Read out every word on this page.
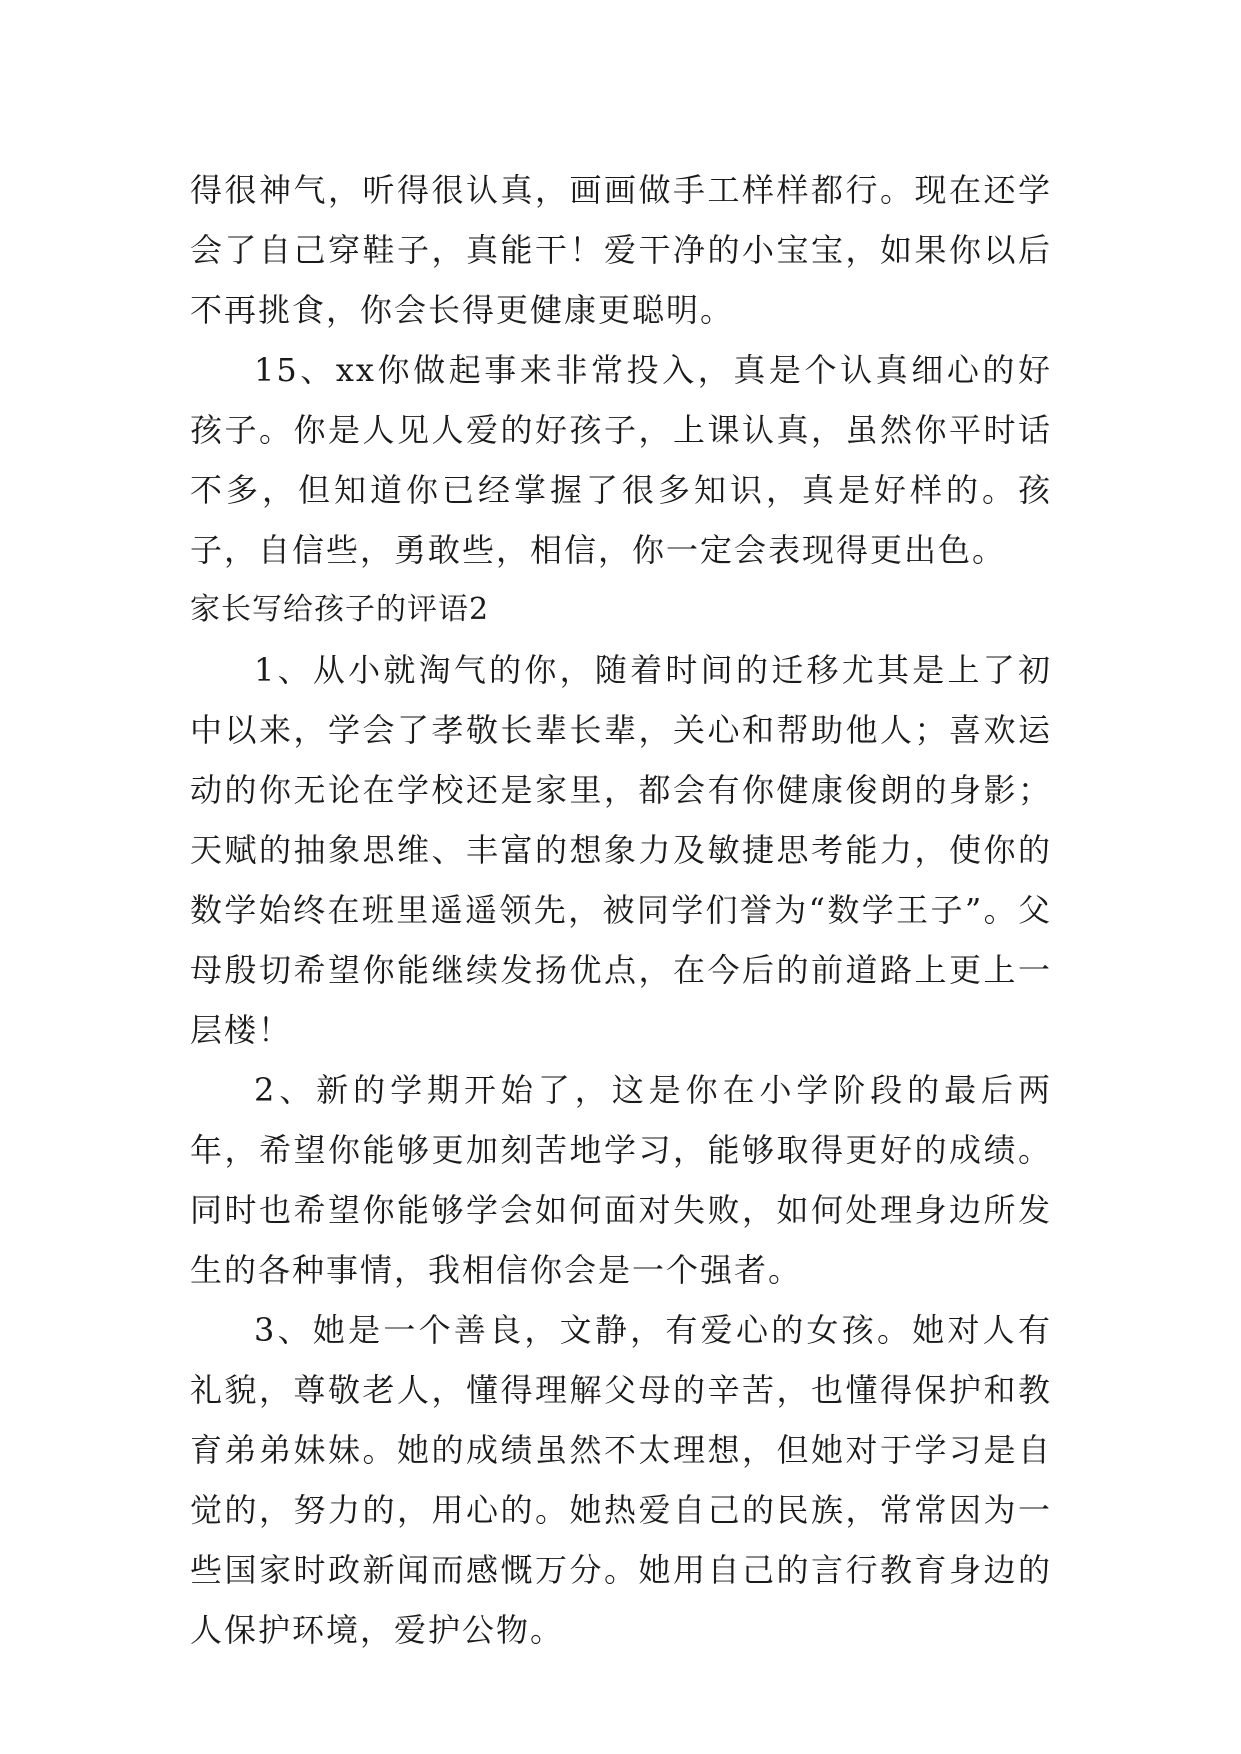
得很神气，听得很认真，画画做手工样样都行。现在还学会了自己穿鞋子，真能干！爱干净的小宝宝，如果你以后不再挑食，你会长得更健康更聪明。

15、xx你做起事来非常投入，真是个认真细心的好孩子。你是人见人爱的好孩子，上课认真，虽然你平时话不多，但知道你已经掌握了很多知识，真是好样的。孩子，自信些，勇敢些，相信，你一定会表现得更出色。

家长写给孩子的评语2

1、从小就淘气的你，随着时间的迁移尤其是上了初中以来，学会了孝敬长辈长辈，关心和帮助他人；喜欢运动的你无论在学校还是家里，都会有你健康俊朗的身影；天赋的抽象思维、丰富的想象力及敏捷思考能力，使你的数学始终在班里遥遥领先，被同学们誉为“数学王子”。父母殷切希望你能继续发扬优点，在今后的前道路上更上一层楼！

2、新的学期开始了，这是你在小学阶段的最后两年，希望你能够更加刻苦地学习，能够取得更好的成绩。同时也希望你能够学会如何面对失败，如何处理身边所发生的各种事情，我相信你会是一个强者。

3、她是一个善良，文静，有爱心的女孩。她对人有礼貌，尊敬老人，懂得理解父母的辛苦，也懂得保护和教育弟弟妹妹。她的成绩虽然不太理想，但她对于学习是自觉的，努力的，用心的。她热爱自己的民族，常常因为一些国家时政新闻而感慨万分。她用自己的言行教育身边的人保护环境，爱护公物。
